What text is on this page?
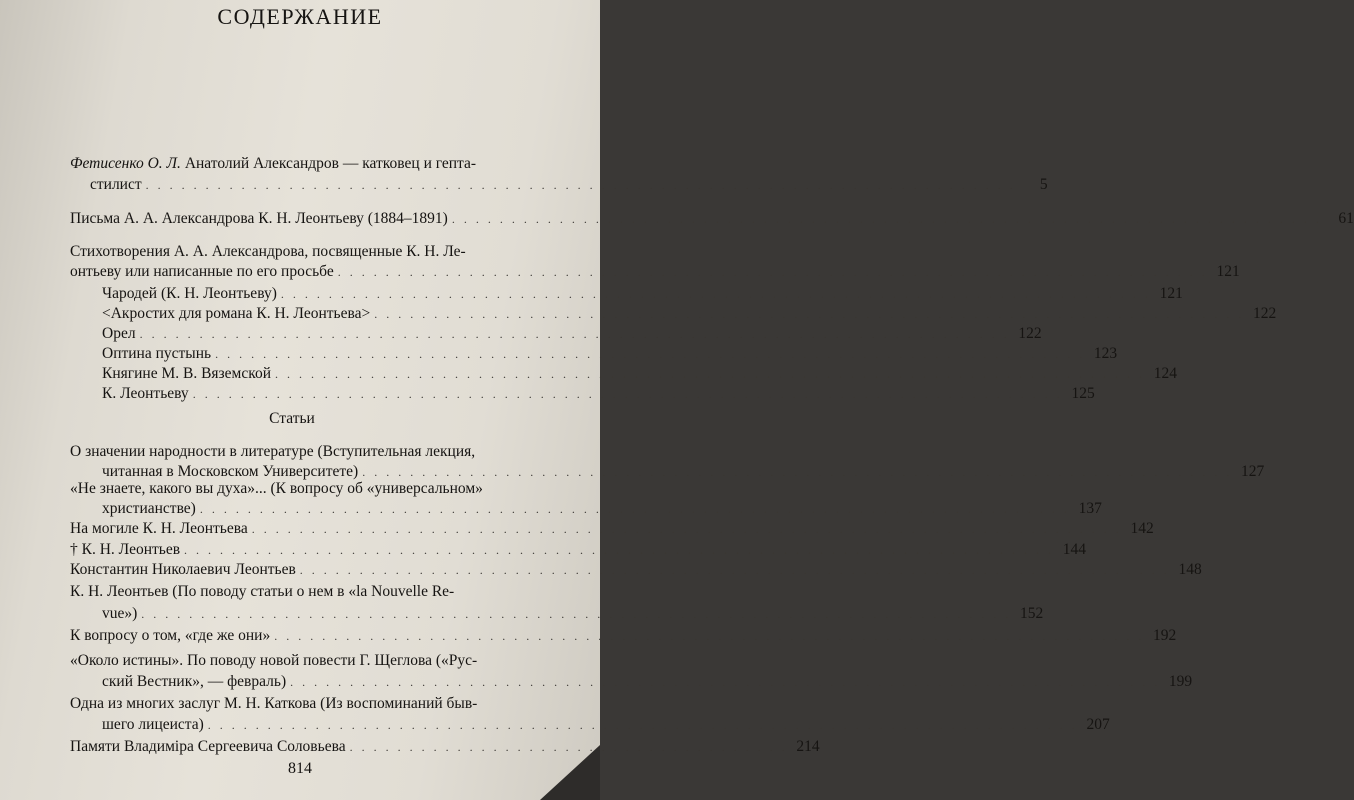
СОДЕРЖАНИЕ
Фетисенко О. Л. Анатолий Александров — катковец и гепта-
стилист . . .	5
Письма А. А. Александрова К. Н. Леонтьеву (1884–1891) . . .	61
Стихотворения А. А. Александрова, посвященные К. Н. Ле-
онтьеву или написанные по его просьбе . . .	121
Чародей (К. Н. Леонтьеву) . . .	121
<Акростих для романа К. Н. Леонтьева> . . .	122
Орел . . .	122
Оптина пустынь . . .	123
Княгине М. В. Вяземской . . .	124
К. Леонтьеву . . .	125
Статьи
О значении народности в литературе (Вступительная лекция,
читанная в Московском Университете) . . .	127
«Не знаете, какого вы духа»... (К вопросу об «универсальном»
христианстве) . . .	137
На могиле К. Н. Леонтьева . . .	142
† К. Н. Леонтьев . . .	144
Константин Николаевич Леонтьев . . .	148
К. Н. Леонтьев (По поводу статьи о нем в «la Nouvelle Re-
vue») . . .	152
К вопросу о том, «где же они» . . .	192
«Около истины». По поводу новой повести Г. Щеглова («Рус-
ский Вестник», — февраль) . . .	199
Одна из многих заслуг М. Н. Каткова (Из воспоминаний быв-
шего лицеиста) . . .	207
814
Памяти Владиміра Сергеевича Соловьева . . . . . . . . . . . . . . . . . . . . . . . . . . . . . . . . . . . . . 214
